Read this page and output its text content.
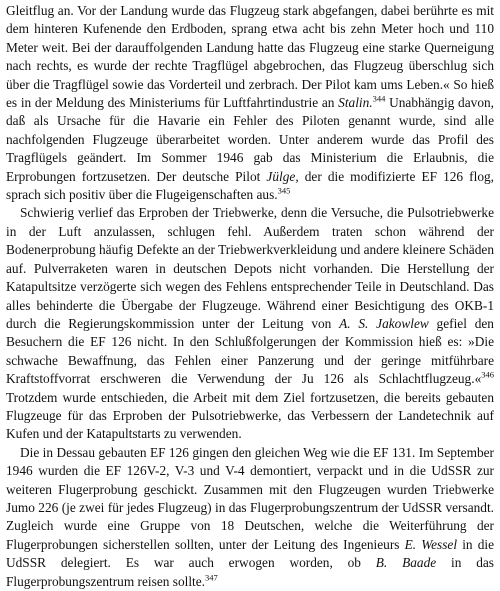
Gleitflug an. Vor der Landung wurde das Flugzeug stark abgefangen, dabei berührte es mit dem hinteren Kufenende den Erdboden, sprang etwa acht bis zehn Meter hoch und 110 Meter weit. Bei der darauffolgenden Landung hatte das Flugzeug eine starke Querneigung nach rechts, es wurde der rechte Tragflügel abgebrochen, das Flugzeug überschlug sich über die Tragflügel sowie das Vorderteil und zerbrach. Der Pilot kam ums Leben.« So hieß es in der Meldung des Ministeriums für Luftfahrtindustrie an Stalin.$^{344}$ Unabhängig davon, daß als Ursache für die Havarie ein Fehler des Piloten genannt wurde, sind alle nachfolgenden Flugzeuge überarbeitet worden. Unter anderem wurde das Profil des Tragflügels geändert. Im Sommer 1946 gab das Ministerium die Erlaubnis, die Erprobungen fortzusetzen. Der deutsche Pilot Jülge, der die modifizierte EF 126 flog, sprach sich positiv über die Flugeigenschaften aus.$^{345}$

Schwierig verlief das Erproben der Triebwerke, denn die Versuche, die Pulsotriebwerke in der Luft anzulassen, schlugen fehl. Außerdem traten schon während der Bodenerprobung häufig Defekte an der Triebwerkverkleidung und andere kleinere Schäden auf. Pulverraketen waren in deutschen Depots nicht vorhanden. Die Herstellung der Katapultsitze verzögerte sich wegen des Fehlens entsprechender Teile in Deutschland. Das alles behinderte die Übergabe der Flugzeuge. Während einer Besichtigung des OKB-1 durch die Regierungskommission unter der Leitung von A. S. Jakowlew gefiel den Besuchern die EF 126 nicht. In den Schlußfolgerungen der Kommission hieß es: »Die schwache Bewaffnung, das Fehlen einer Panzerung und der geringe mitführbare Kraftstoffvorrat erschweren die Verwendung der Ju 126 als Schlachtflugzeug.«$^{346}$ Trotzdem wurde entschieden, die Arbeit mit dem Ziel fortzusetzen, die bereits gebauten Flugzeuge für das Erproben der Pulsotriebwerke, das Verbessern der Landetechnik auf Kufen und der Katapultstarts zu verwenden.

Die in Dessau gebauten EF 126 gingen den gleichen Weg wie die EF 131. Im September 1946 wurden die EF 126V-2, V-3 und V-4 demontiert, verpackt und in die UdSSR zur weiteren Flugerprobung geschickt. Zusammen mit den Flugzeugen wurden Triebwerke Jumo 226 (je zwei für jedes Flugzeug) in das Flugerprobungszentrum der UdSSR versandt. Zugleich wurde eine Gruppe von 18 Deutschen, welche die Weiterführung der Flugerprobungen sicherstellen sollten, unter der Leitung des Ingenieurs E. Wessel in die UdSSR delegiert. Es war auch erwogen worden, ob B. Baade in das Flugerprobungszentrum reisen sollte.$^{347}$
